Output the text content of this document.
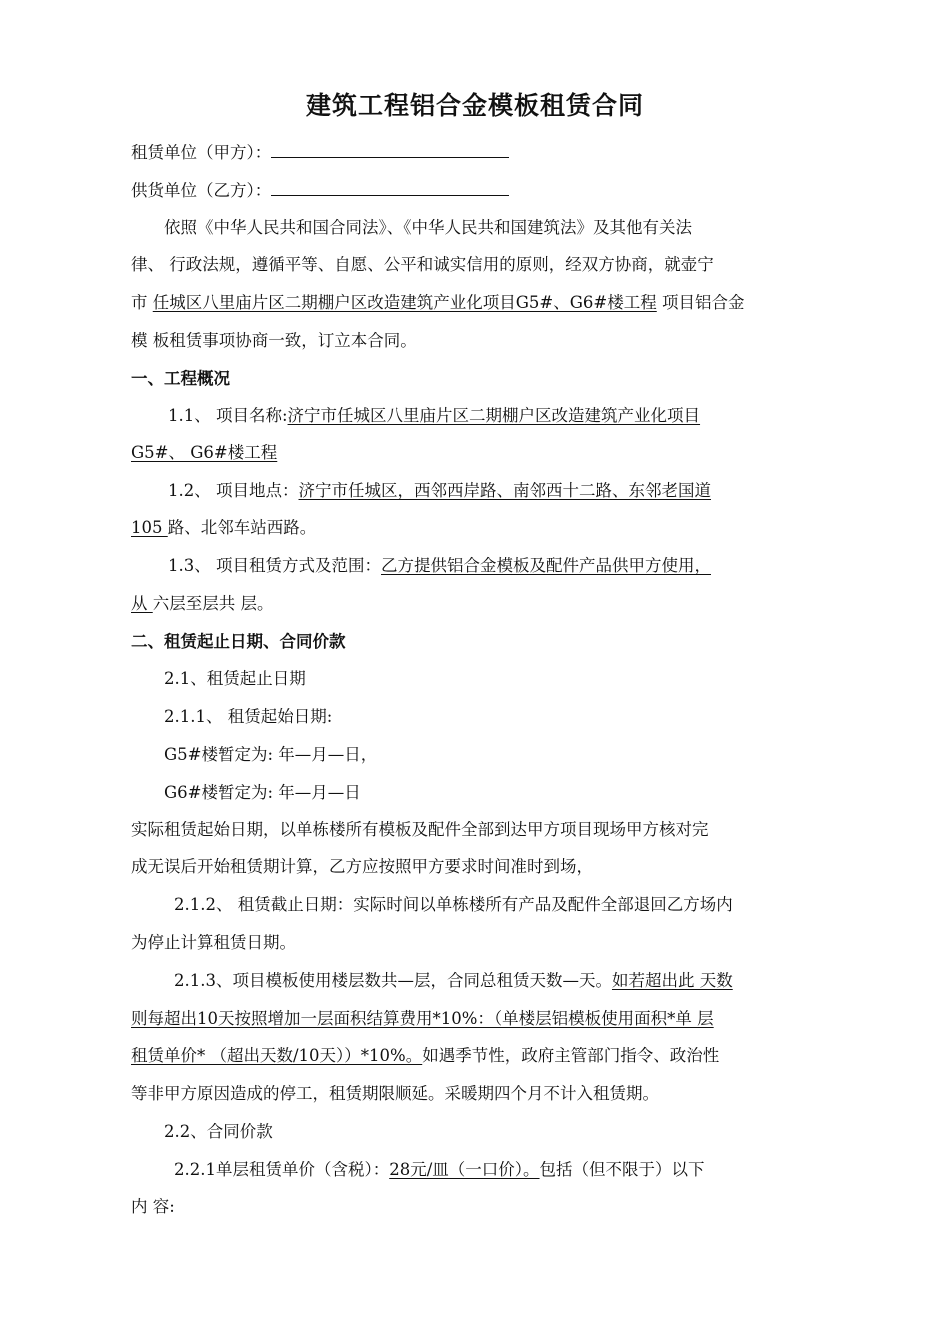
建筑工程铝合金模板租赁合同
租赁单位（甲方）：
供货单位（乙方）：
依照《中华人民共和国合同法》、《中华人民共和国建筑法》及其他有关法
律、 行政法规，遵循平等、自愿、公平和诚实信用的原则，经双方协商，就壶宁
市 任城区八里庙片区二期棚户区改造建筑产业化项目G5#、G6#楼工程 项目铝合金
模 板租赁事项协商一致，订立本合同。
一、工程概况
1.1、 项目名称:济宁市任城区八里庙片区二期棚户区改造建筑产业化项目
G5#、 G6#楼工程
1.2、 项目地点：济宁市任城区，西邻西岸路、南邻西十二路、东邻老国道
105 路、北邻车站西路。
1.3、 项目租赁方式及范围：乙方提供铝合金模板及配件产品供甲方使用，
从 六层至层共 层。
二、租赁起止日期、合同价款
2.1、租赁起止日期
2.1.1、 租赁起始日期:
G5#楼暂定为: 年—月—日，
G6#楼暂定为: 年—月—日
实际租赁起始日期，以单栋楼所有模板及配件全部到达甲方项目现场甲方核对完
成无误后开始租赁期计算，乙方应按照甲方要求时间准时到场，
2.1.2、 租赁截止日期：实际时间以单栋楼所有产品及配件全部退回乙方场内
为停止计算租赁日期。
2.1.3、项目模板使用楼层数共—层，合同总租赁天数—天。如若超出此 天数
则每超出10天按照增加一层面积结算费用*10%：（单楼层铝模板使用面积*单 层
租赁单价* （超出天数/10天））*10%。如遇季节性，政府主管部门指令、政治性
等非甲方原因造成的停工，租赁期限顺延。采暖期四个月不计入租赁期。
2.2、合同价款
2.2.1单层租赁单价（含税）：28元/皿（一口价）。包括（但不限于）以下
内 容:
